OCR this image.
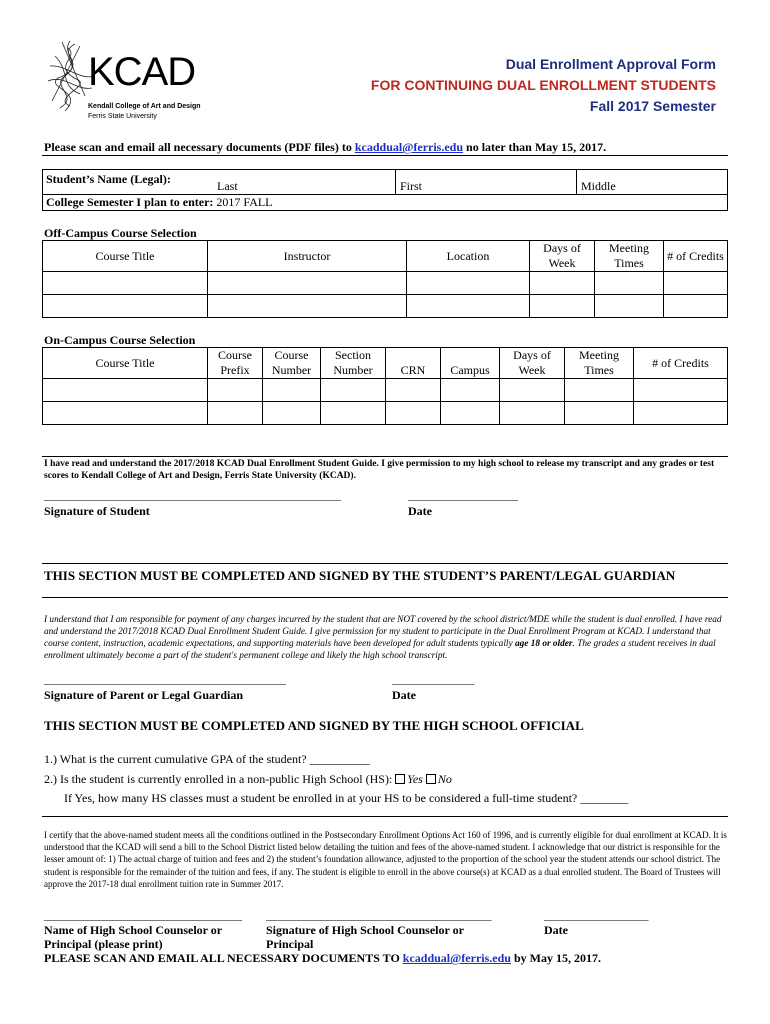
KCAD
Kendall College of Art and Design
Ferris State University
Dual Enrollment Approval Form
FOR CONTINUING DUAL ENROLLMENT STUDENTS
Fall 2017 Semester
Please scan and email all necessary documents (PDF files) to kcaddual@ferris.edu no later than May 15, 2017.
Student’s Name (Legal):	Last	First	Middle
College Semester I plan to enter: 2017 FALL
Off-Campus Course Selection
Course Title	Instructor	Location	Days of Week	Meeting Times	# of Credits

On-Campus Course Selection
Course Title	Course Prefix	Course Number	Section Number	CRN	Campus	Days of Week	Meeting Times	# of Credits

I have read and understand the 2017/2018 KCAD Dual Enrollment Student Guide. I give permission to my high school to release my transcript and any grades or test scores to Kendall College of Art and Design, Ferris State University (KCAD).
______________________________________________________	____________________
Signature of Student	Date
THIS SECTION MUST BE COMPLETED AND SIGNED BY THE STUDENT’S PARENT/LEGAL GUARDIAN
I understand that I am responsible for payment of any charges incurred by the student that are NOT covered by the school district/MDE while the student is dual enrolled. I have read and understand the 2017/2018 KCAD Dual Enrollment Student Guide. I give permission for my student to participate in the Dual Enrollment Program at KCAD. I understand that course content, instruction, academic expectations, and supporting materials have been developed for adult students typically age 18 or older. The grades a student receives in dual enrollment ultimately become a part of the student's permanent college and likely the high school transcript.
____________________________________________	_______________
Signature of Parent or Legal Guardian	Date
THIS SECTION MUST BE COMPLETED AND SIGNED BY THE HIGH SCHOOL OFFICIAL
1.) What is the current cumulative GPA of the student? __________
2.) Is the student is currently enrolled in a non-public High School (HS): Yes No
If Yes, how many HS classes must a student be enrolled in at your HS to be considered a full-time student? ________
I certify that the above-named student meets all the conditions outlined in the Postsecondary Enrollment Options Act 160 of 1996, and is currently eligible for dual enrollment at KCAD. It is understood that the KCAD will send a bill to the School District listed below detailing the tuition and fees of the above-named student. I acknowledge that our district is responsible for the lesser amount of: 1) The actual charge of tuition and fees and 2) the student’s foundation allowance, adjusted to the proportion of the school year the student attends our school district. The student is responsible for the remainder of the tuition and fees, if any. The student is eligible to enroll in the above course(s) at KCAD as a dual enrolled student. The Board of Trustees will approve the 2017-18 dual enrollment tuition rate in Summer 2017.
____________________________________ _________________________________________	___________________
Name of High School Counselor or
Principal (please print)
Signature of High School Counselor or
Principal
Date
PLEASE SCAN AND EMAIL ALL NECESSARY DOCUMENTS TO kcaddual@ferris.edu by May 15, 2017.
